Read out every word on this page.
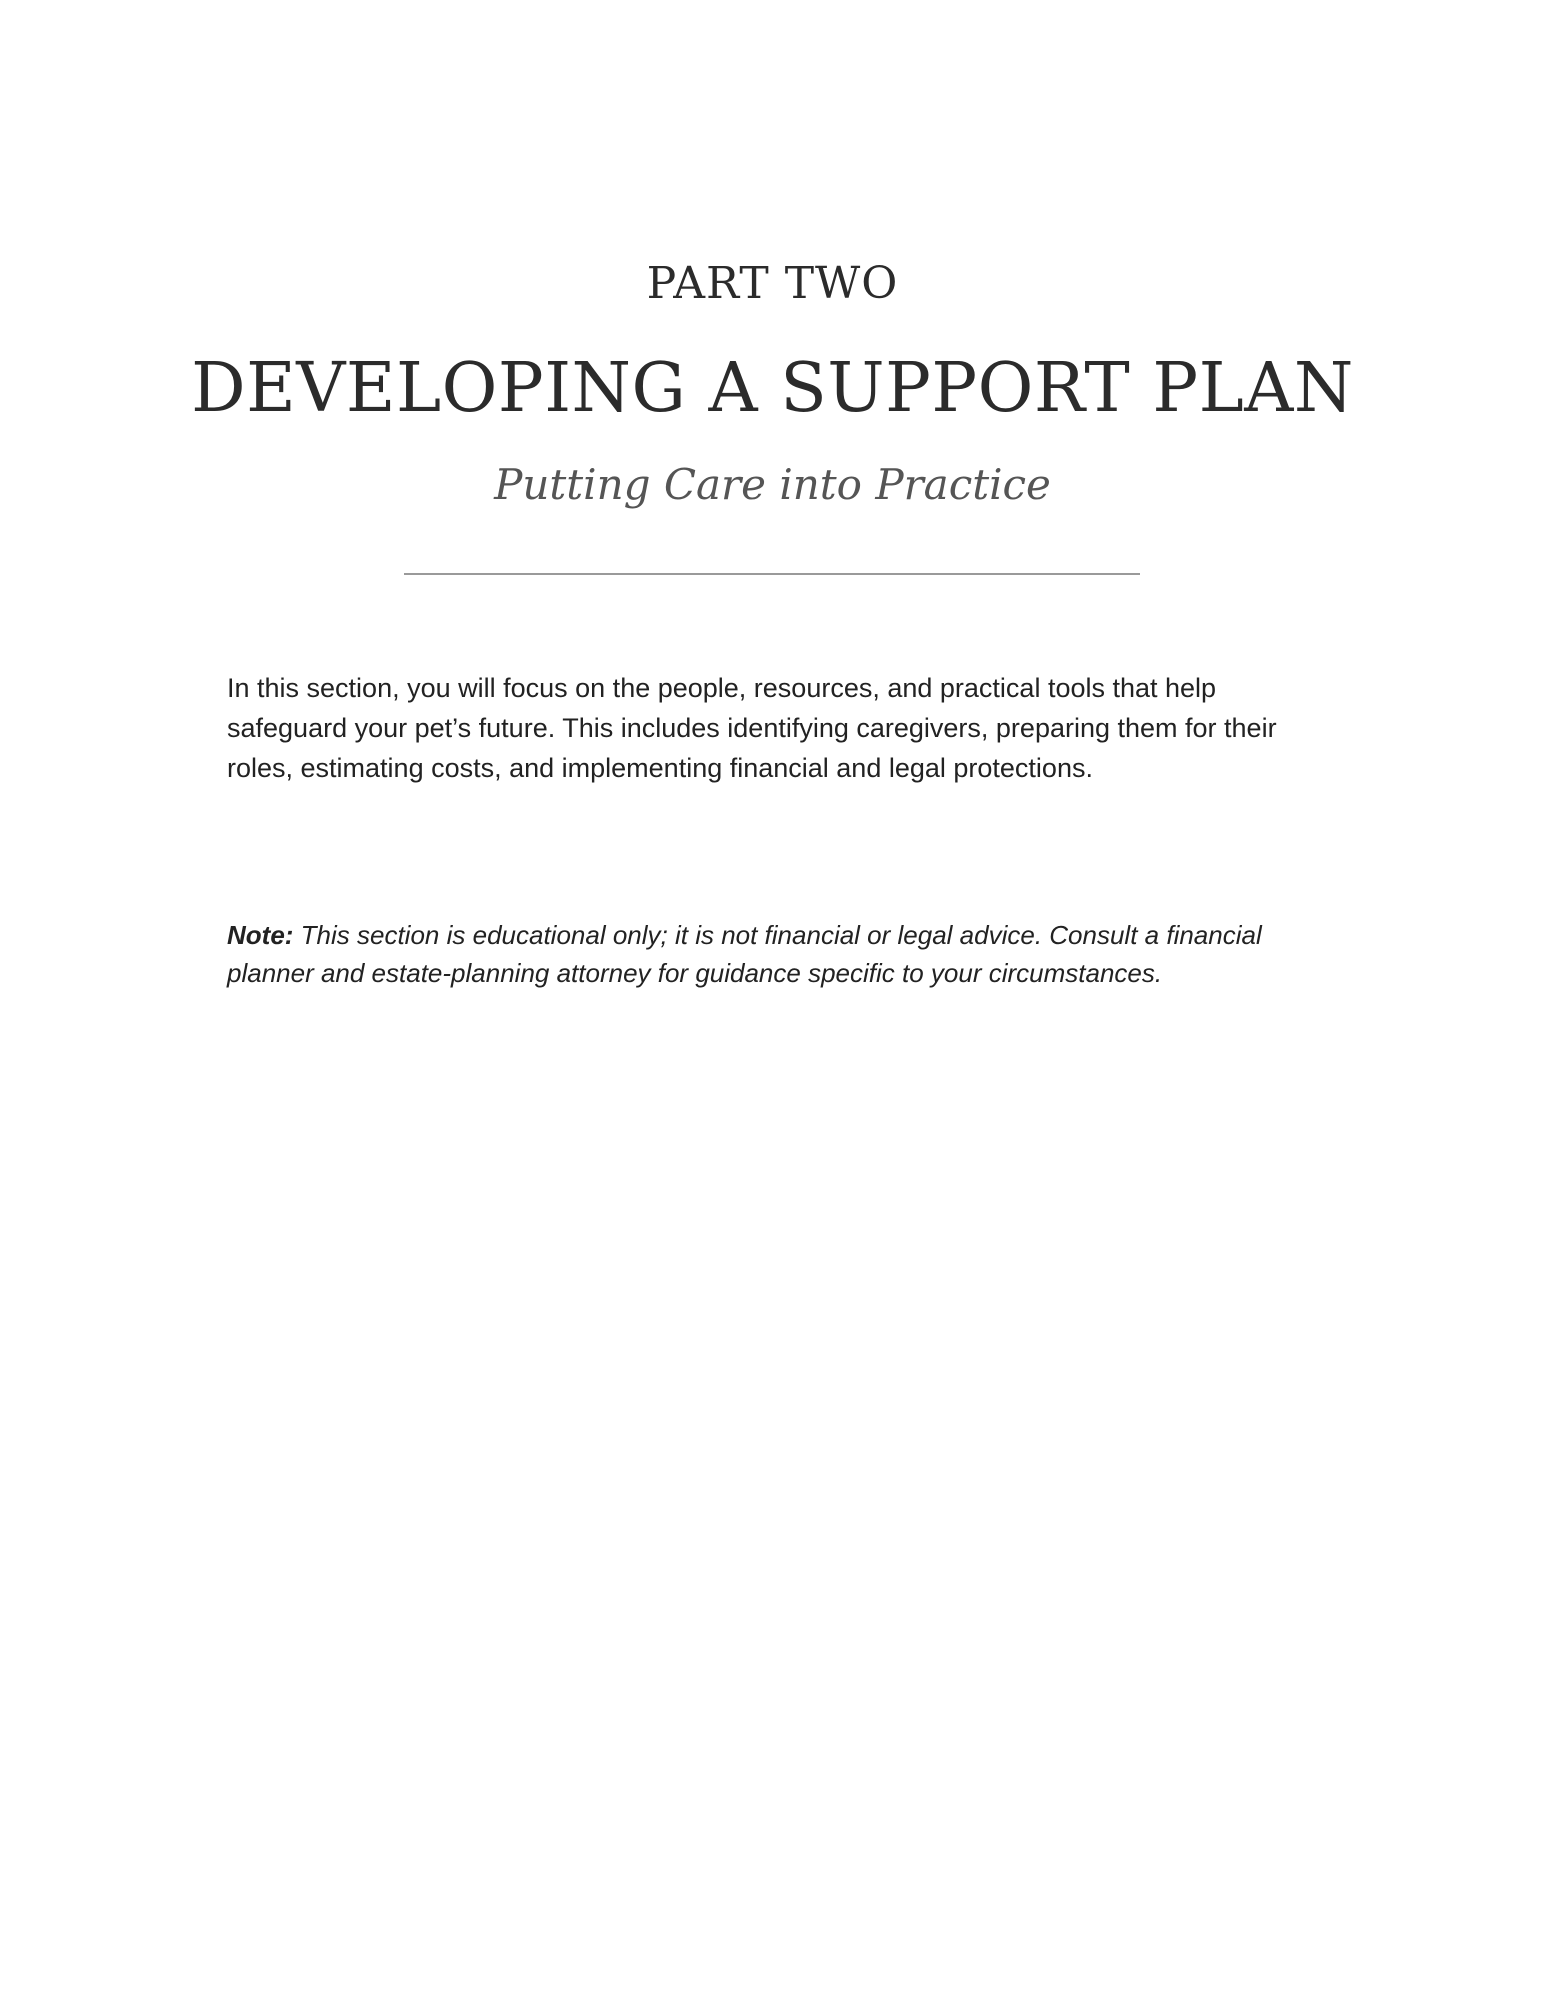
PART TWO
DEVELOPING A SUPPORT PLAN
Putting Care into Practice

In this section, you will focus on the people, resources, and practical tools that help safeguard your pet’s future. This includes identifying caregivers, preparing them for their roles, estimating costs, and implementing financial and legal protections.

Note: This section is educational only; it is not financial or legal advice. Consult a financial planner and estate-planning attorney for guidance specific to your circumstances.
